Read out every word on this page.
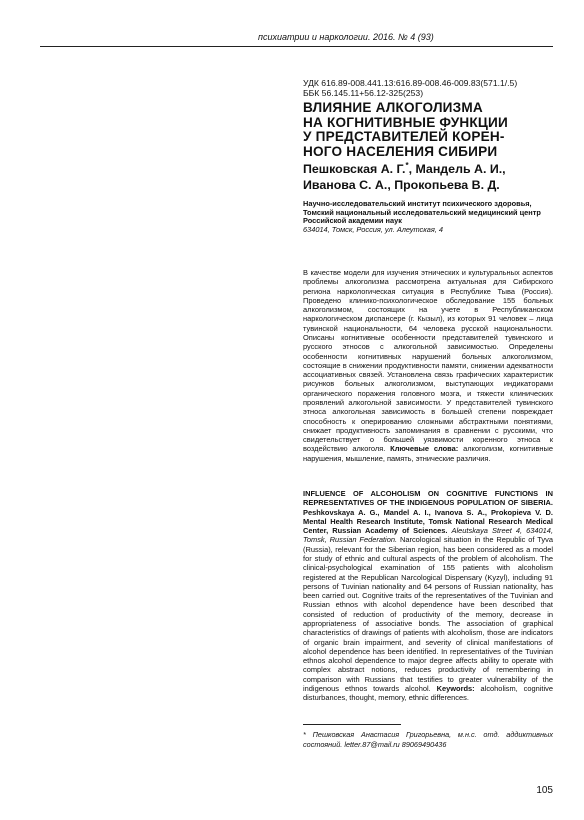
психиатрии и наркологии. 2016. № 4 (93)
УДК 616.89-008.441.13:616.89-008.46-009.83(571.1/.5)
ББК 56.145.11+56.12-325(253)
ВЛИЯНИЕ АЛКОГОЛИЗМА
НА КОГНИТИВНЫЕ ФУНКЦИИ
У ПРЕДСТАВИТЕЛЕЙ КОРЕН-
НОГО НАСЕЛЕНИЯ СИБИРИ
Пешковская А. Г.*, Мандель А. И.,
Иванова С. А., Прокопьева В. Д.
Научно-исследовательский институт психического здоровья, Томский национальный исследовательский медицинский центр Российской академии наук
634014, Томск, Россия, ул. Алеутская, 4
В качестве модели для изучения этнических и культуральных аспектов проблемы алкоголизма рассмотрена актуальная для Сибирского региона наркологическая ситуация в Республике Тыва (Россия). Проведено клинико-психологическое обследование 155 больных алкоголизмом, состоящих на учете в Республиканском наркологическом диспансере (г. Кызыл), из которых 91 человек – лица тувинской национальности, 64 человека русской национальности. Описаны когнитивные особенности представителей тувинского и русского этносов с алкогольной зависимостью. Определены особенности когнитивных нарушений больных алкоголизмом, состоящие в снижении продуктивности памяти, снижении адекватности ассоциативных связей. Установлена связь графических характеристик рисунков больных алкоголизмом, выступающих индикаторами органического поражения головного мозга, и тяжести клинических проявлений алкогольной зависимости. У представителей тувинского этноса алкогольная зависимость в большей степени повреждает способность к оперированию сложными абстрактными понятиями, снижает продуктивность запоминания в сравнении с русскими, что свидетельствует о большей уязвимости коренного этноса к воздействию алкоголя. Ключевые слова: алкоголизм, когнитивные нарушения, мышление, память, этнические различия.
INFLUENCE OF ALCOHOLISM ON COGNITIVE FUNCTIONS IN REPRESENTATIVES OF THE INDIGENOUS POPULATION OF SIBERIA. Peshkovskaya A. G., Mandel A. I., Ivanova S. A., Prokopieva V. D. Mental Health Research Institute, Tomsk National Research Medical Center, Russian Academy of Sciences. Aleutskaya Street 4, 634014, Tomsk, Russian Federation. Narcological situation in the Republic of Tyva (Russia), relevant for the Siberian region, has been considered as a model for study of ethnic and cultural aspects of the problem of alcoholism. The clinical-psychological examination of 155 patients with alcoholism registered at the Republican Narcological Dispensary (Kyzyl), including 91 persons of Tuvinian nationality and 64 persons of Russian nationality, has been carried out. Cognitive traits of the representatives of the Tuvinian and Russian ethnos with alcohol dependence have been described that consisted of reduction of productivity of the memory, decrease in appropriateness of associative bonds. The association of graphical characteristics of drawings of patients with alcoholism, those are indicators of organic brain impairment, and severity of clinical manifestations of alcohol dependence has been identified. In representatives of the Tuvinian ethnos alcohol dependence to major degree affects ability to operate with complex abstract notions, reduces productivity of remembering in comparison with Russians that testifies to greater vulnerability of the indigenous ethnos towards alcohol. Keywords: alcoholism, cognitive disturbances, thought, memory, ethnic differences.
* Пешковская Анастасия Григорьевна, м.н.с. отд. аддиктивных состояний. letter.87@mail.ru 89069490436
105
